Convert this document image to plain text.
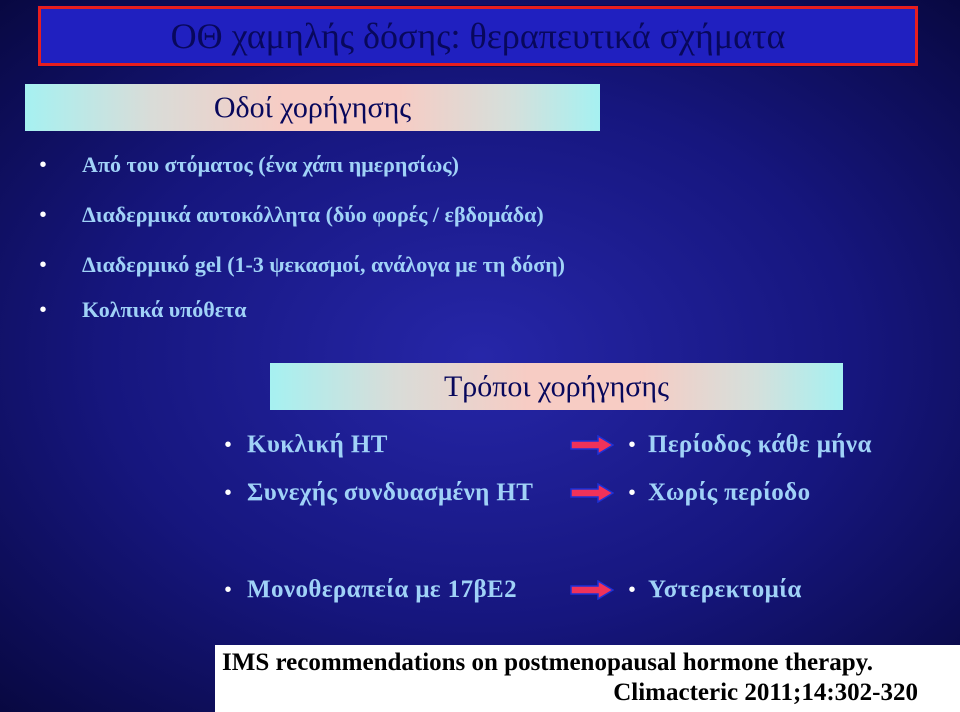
ΟΘ χαμηλής δόσης: θεραπευτικά σχήματα
Οδοί χορήγησης
• Από του στόματος (ένα χάπι ημερησίως)
• Διαδερμικά αυτοκόλλητα (δύο φορές / εβδομάδα)
• Διαδερμικό gel (1-3 ψεκασμοί, ανάλογα με τη δόση)
• Κολπικά υπόθετα
Τρόποι χορήγησης
• Κυκλική ΗΤ	• Περίοδος κάθε μήνα
• Συνεχής συνδυασμένη ΗΤ	• Χωρίς περίοδο
• Μονοθεραπεία με 17βΕ2	• Υστερεκτομία
IMS recommendations on postmenopausal hormone therapy.
Climacteric 2011;14:302-320
